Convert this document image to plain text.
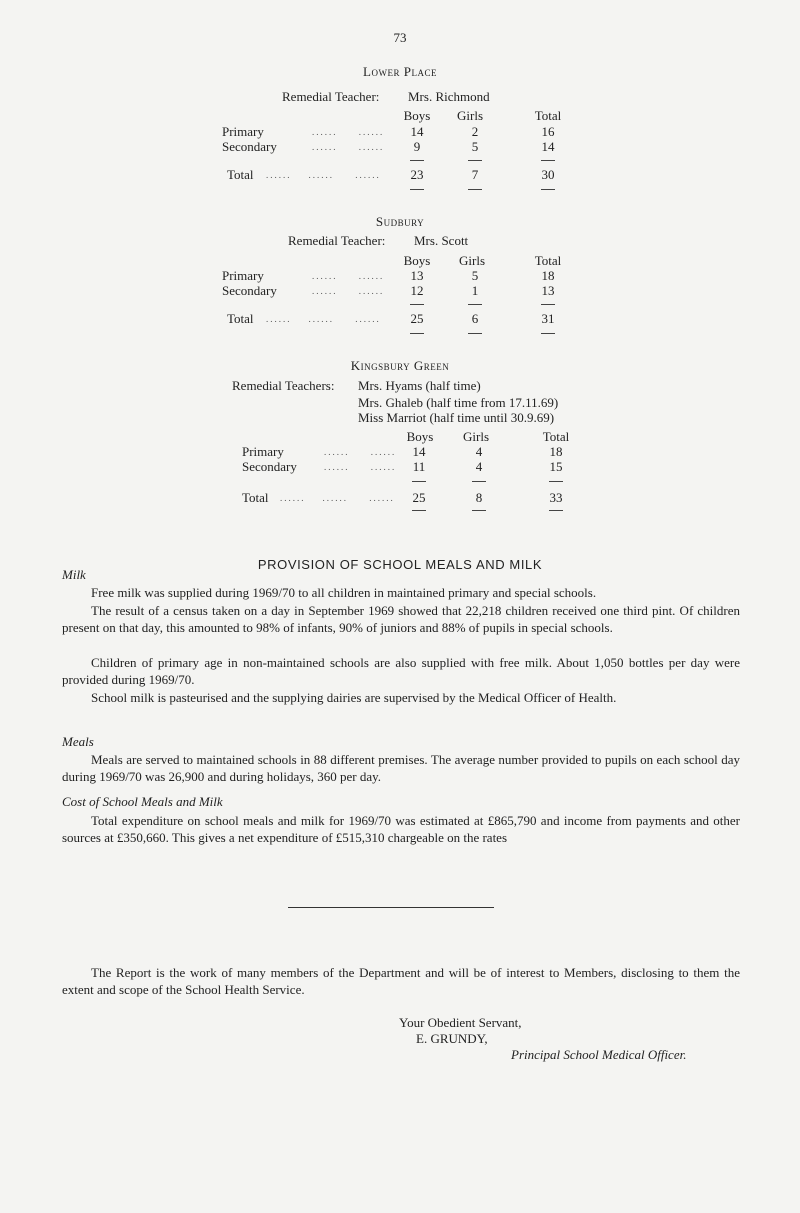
73
Lower Place
Remedial Teacher: Mrs. Richmond
Boys	Girls	Total
Primary	......     ......	14	2	16
Secondary	......     ......	9	5	14
Total ......    ......     ......	23	7	30
Sudbury
Remedial Teacher: Mrs. Scott
Boys	Girls	Total
Primary	......     ......	13	5	18
Secondary	......     ......	12	1	13
Total ......    ......     ......	25	6	31
Kingsbury Green
Remedial Teachers: Mrs. Hyams (half time)
Mrs. Ghaleb (half time from 17.11.69)
Miss Marriot (half time until 30.9.69)
Boys	Girls	Total
Primary	......     ......	14	4	18
Secondary	......     ......	11	4	15
Total ......    ......     ......	25	8	33
PROVISION OF SCHOOL MEALS AND MILK
Milk
Free milk was supplied during 1969/70 to all children in maintained primary and special schools.
The result of a census taken on a day in September 1969 showed that 22,218 children received one third pint. Of children present on that day, this amounted to 98% of infants, 90% of juniors and 88% of pupils in special schools.
Children of primary age in non-maintained schools are also supplied with free milk. About 1,050 bottles per day were provided during 1969/70.
School milk is pasteurised and the supplying dairies are supervised by the Medical Officer of Health.
Meals
Meals are served to maintained schools in 88 different premises. The average number provided to pupils on each school day during 1969/70 was 26,900 and during holidays, 360 per day.
Cost of School Meals and Milk
Total expenditure on school meals and milk for 1969/70 was estimated at £865,790 and income from payments and other sources at £350,660. This gives a net expenditure of £515,310 chargeable on the rates
The Report is the work of many members of the Department and will be of interest to Members, disclosing to them the extent and scope of the School Health Service.
Your Obedient Servant,
E. GRUNDY,
Principal School Medical Officer.
